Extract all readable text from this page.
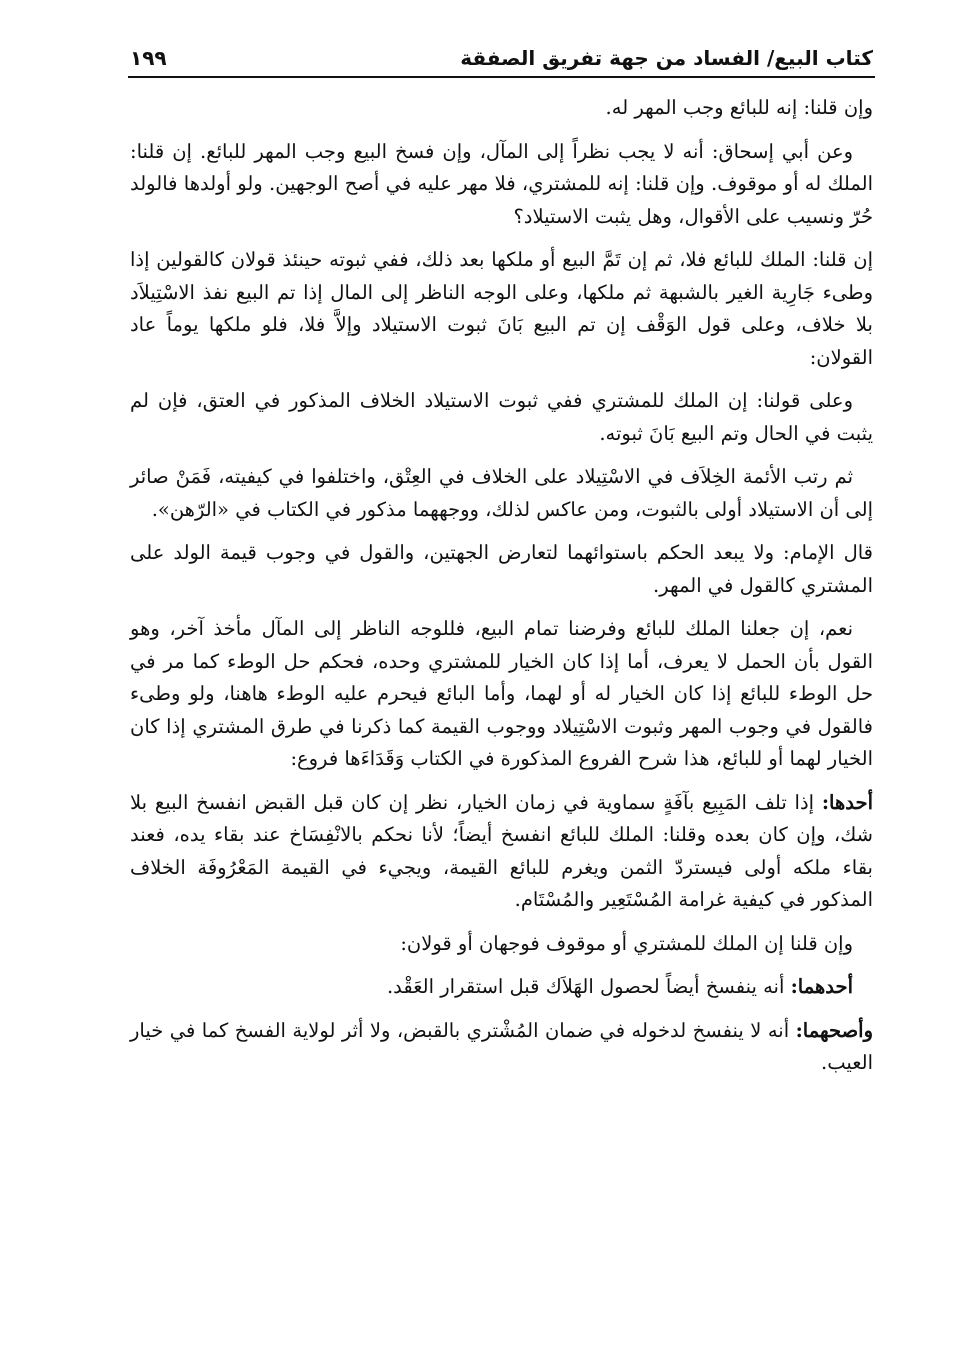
كتاب البيع/ الفساد من جهة تفريق الصفقة
١٩٩

وإن قلنا: إنه للبائع وجب المهر له.

وعن أبي إسحاق: أنه لا يجب نظراً إلى المآل، وإن فسخ البيع وجب المهر للبائع. إن قلنا: الملك له أو موقوف. وإن قلنا: إنه للمشتري، فلا مهر عليه في أصح الوجهين. ولو أولدها فالولد حُرّ ونسيب على الأقوال، وهل يثبت الاستيلاد؟

إن قلنا: الملك للبائع فلا، ثم إن تَمَّ البيع أو ملكها بعد ذلك، ففي ثبوته حينئذ قولان كالقولين إذا وطىء جَارِية الغير بالشبهة ثم ملكها، وعلى الوجه الناظر إلى المال إذا تم البيع نفذ الاسْتِيلاَد بلا خلاف، وعلى قول الوَقْف إن تم البيع بَانَ ثبوت الاستيلاد وإلاَّ فلا، فلو ملكها يوماً عاد القولان:

وعلى قولنا: إن الملك للمشتري ففي ثبوت الاستيلاد الخلاف المذكور في العتق، فإن لم يثبت في الحال وتم البيع بَانَ ثبوته.

ثم رتب الأئمة الخِلاَف في الاسْتِيلاد على الخلاف في العِتْق، واختلفوا في كيفيته، فَمَنْ صائر إلى أن الاستيلاد أولى بالثبوت، ومن عاكس لذلك، ووجههما مذكور في الكتاب في «الرّهن».

قال الإمام: ولا يبعد الحكم باستوائهما لتعارض الجهتين، والقول في وجوب قيمة الولد على المشتري كالقول في المهر.

نعم، إن جعلنا الملك للبائع وفرضنا تمام البيع، فللوجه الناظر إلى المآل مأخذ آخر، وهو القول بأن الحمل لا يعرف، أما إذا كان الخيار للمشتري وحده، فحكم حل الوطء كما مر في حل الوطء للبائع إذا كان الخيار له أو لهما، وأما البائع فيحرم عليه الوطء هاهنا، ولو وطىء فالقول في وجوب المهر وثبوت الاسْتِيلاد ووجوب القيمة كما ذكرنا في طرق المشتري إذا كان الخيار لهما أو للبائع، هذا شرح الفروع المذكورة في الكتاب وَقَدَاءَها فروع:

أحدها: إذا تلف المَبِيع بآفَةٍ سماوية في زمان الخيار، نظر إن كان قبل القبض انفسخ البيع بلا شك، وإن كان بعده وقلنا: الملك للبائع انفسخ أيضاً؛ لأنا نحكم بالانْفِسَاخ عند بقاء يده، فعند بقاء ملكه أولى فيستردّ الثمن ويغرم للبائع القيمة، ويجيء في القيمة المَعْرُوفَة الخلاف المذكور في كيفية غرامة المُسْتَعِير والمُسْتَام.

وإن قلنا إن الملك للمشتري أو موقوف فوجهان أو قولان:

أحدهما: أنه ينفسخ أيضاً لحصول الهَلاَك قبل استقرار العَقْد.

وأصحهما: أنه لا ينفسخ لدخوله في ضمان المُشْتري بالقبض، ولا أثر لولاية الفسخ كما في خيار العيب.
